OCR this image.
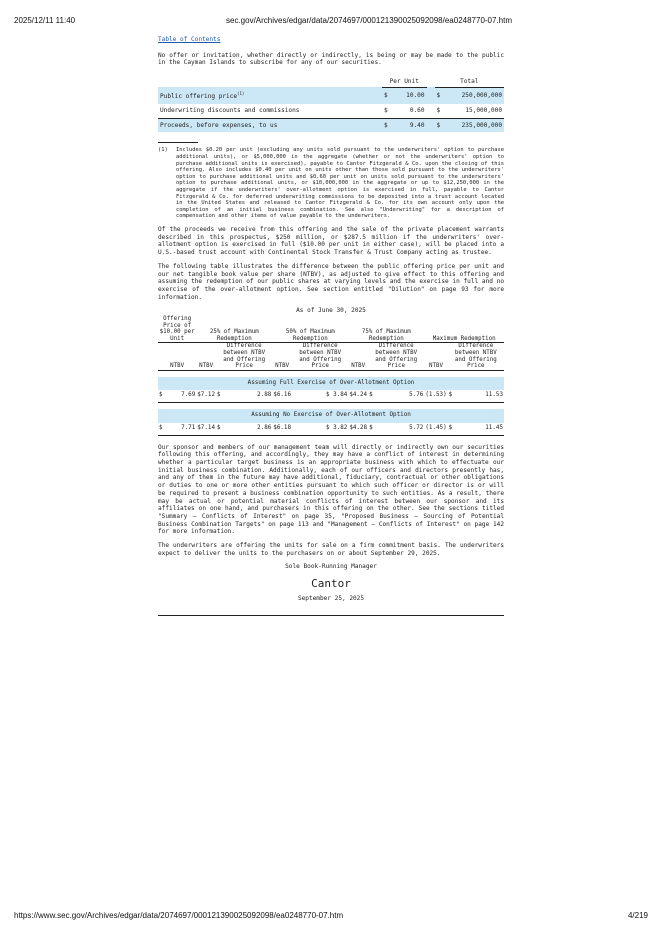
2025/12/11 11:40	sec.gov/Archives/edgar/data/2074697/000121390025092098/ea0248770-07.htm
Table of Contents

No offer or invitation, whether directly or indirectly, is being or may be made to the public in the Cayman Islands to subscribe for any of our securities.

	Per Unit			Total	
Public offering price$^{(1)}$	$	10.00		$	250,000,000
Underwriting discounts and commissions	$	0.60		$	15,000,000
Proceeds, before expenses, to us	$	9.40		$	235,000,000
(1)	Includes $0.20 per unit (excluding any units sold pursuant to the underwriters' option to purchase additional units), or $5,000,000 in the aggregate (whether or not the underwriters' option to purchase additional units is exercised), payable to Cantor Fitzgerald & Co. upon the closing of this offering. Also includes $0.40 per unit on units other than those sold pursuant to the underwriters' option to purchase additional units and $0.60 per unit on units sold pursuant to the underwriters' option to purchase additional units, or $10,000,000 in the aggregate or up to $12,250,000 in the aggregate if the underwriters' over-allotment option is exercised in full, payable to Cantor Fitzgerald & Co. for deferred underwriting commissions to be deposited into a trust account located in the United States and released to Cantor Fitzgerald & Co. for its own account only upon the completion of an initial business combination. See also "Underwriting" for a description of compensation and other items of value payable to the underwriters.

Of the proceeds we receive from this offering and the sale of the private placement warrants described in this prospectus, $250 million, or $287.5 million if the underwriters' over-allotment option is exercised in full ($10.00 per unit in either case), will be placed into a U.S.-based trust account with Continental Stock Transfer & Trust Company acting as trustee.

The following table illustrates the difference between the public offering price per unit and our net tangible book value per share (NTBV), as adjusted to give effect to this offering and assuming the redemption of our public shares at varying levels and the exercise in full and no exercise of the over-allotment option. See section entitled "Dilution" on page 93 for more information.

As of June 30, 2025
Offering Price of $10.00 per Unit		25% of Maximum Redemption			50% of Maximum Redemption		75% of Maximum Redemption			Maximum Redemption		
NTBV		NTBV	Difference between NTBV and Offering Price		NTBV	Difference between NTBV and Offering Price	NTBV	Difference between NTBV and Offering Price		NTBV	Difference between NTBV and Offering Price	

Assuming Full Exercise of Over-Allotment Option												
$	7.69	$7.12	$	2.88	$6.16	$ 3.84	$4.24	$	5.76	(1.53)	$	11.53

Assuming No Exercise of Over-Allotment Option												
$	7.71	$7.14	$	2.86	$6.18	$ 3.82	$4.28	$	5.72	(1.45)	$	11.45

Our sponsor and members of our management team will directly or indirectly own our securities following this offering, and accordingly, they may have a conflict of interest in determining whether a particular target business is an appropriate business with which to effectuate our initial business combination. Additionally, each of our officers and directors presently has, and any of them in the future may have additional, fiduciary, contractual or other obligations or duties to one or more other entities pursuant to which such officer or director is or will be required to present a business combination opportunity to such entities. As a result, there may be actual or potential material conflicts of interest between our sponsor and its affiliates on one hand, and purchasers in this offering on the other. See the sections titled "Summary — Conflicts of Interest" on page 35, "Proposed Business — Sourcing of Potential Business Combination Targets" on page 113 and "Management — Conflicts of Interest" on page 142 for more information.

The underwriters are offering the units for sale on a firm commitment basis. The underwriters expect to deliver the units to the purchasers on or about September 29, 2025.

Sole Book-Running Manager
Cantor
September 25, 2025
https://www.sec.gov/Archives/edgar/data/2074697/000121390025092098/ea0248770-07.htm	4/219
